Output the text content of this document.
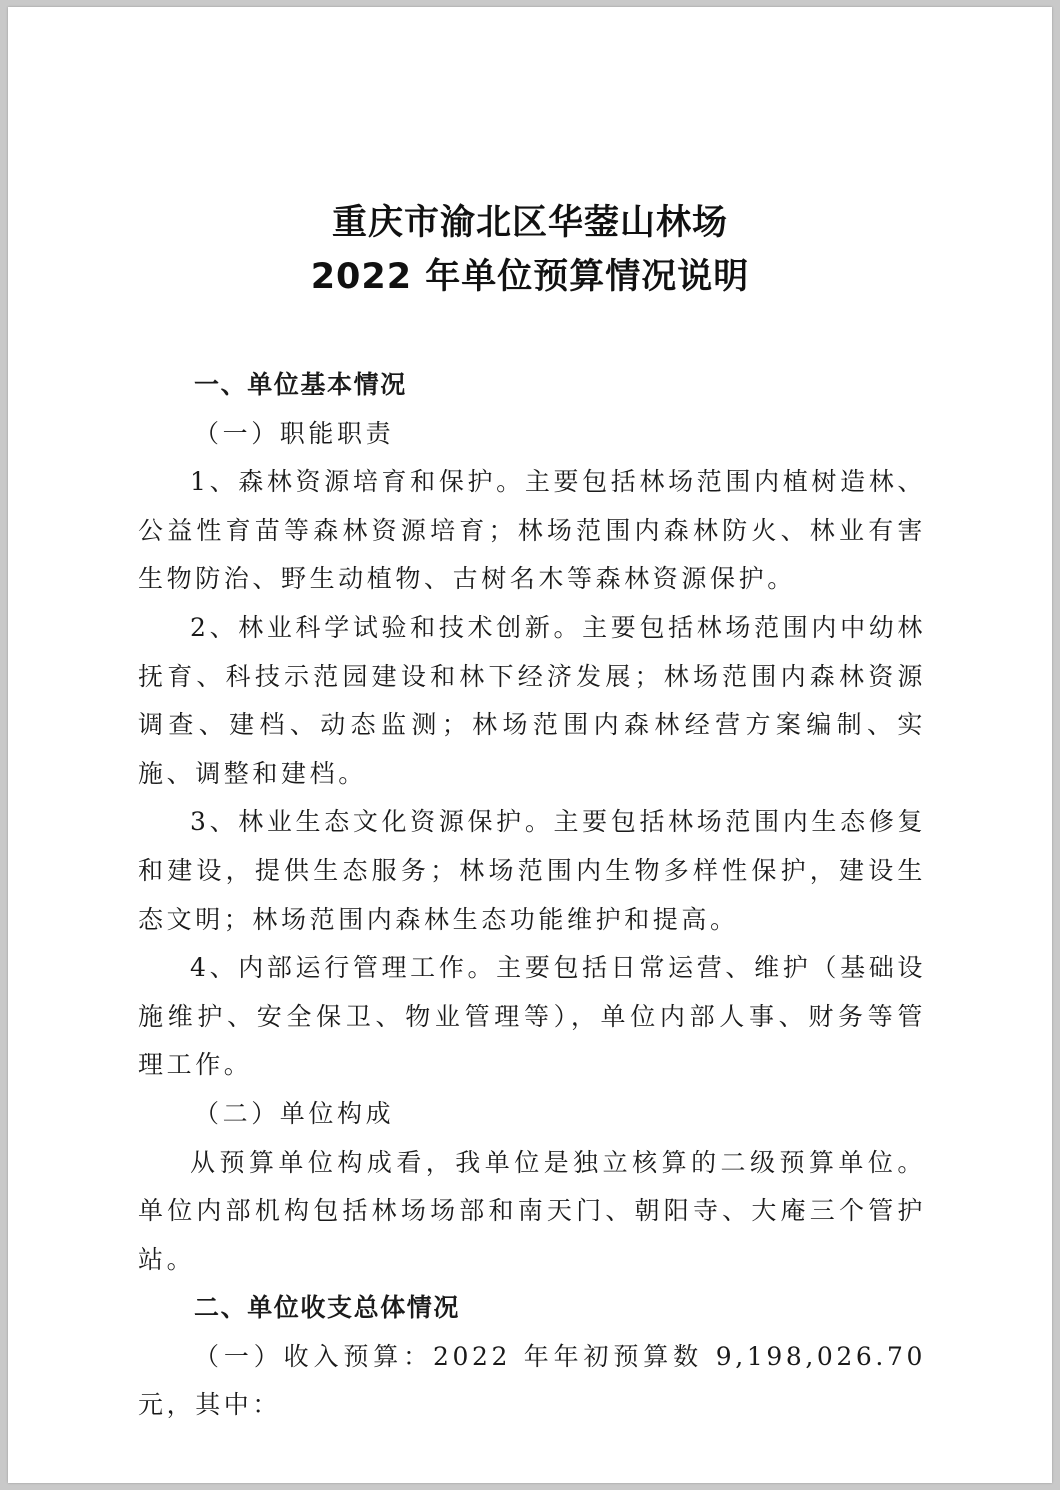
重庆市渝北区华蓥山林场
2022 年单位预算情况说明

一、单位基本情况

（一）职能职责

1、森林资源培育和保护。主要包括林场范围内植树造林、公益性育苗等森林资源培育；林场范围内森林防火、林业有害生物防治、野生动植物、古树名木等森林资源保护。

2、林业科学试验和技术创新。主要包括林场范围内中幼林抚育、科技示范园建设和林下经济发展；林场范围内森林资源调查、建档、动态监测；林场范围内森林经营方案编制、实施、调整和建档。

3、林业生态文化资源保护。主要包括林场范围内生态修复和建设，提供生态服务；林场范围内生物多样性保护，建设生态文明；林场范围内森林生态功能维护和提高。

4、内部运行管理工作。主要包括日常运营、维护（基础设施维护、安全保卫、物业管理等），单位内部人事、财务等管理工作。

（二）单位构成

从预算单位构成看，我单位是独立核算的二级预算单位。单位内部机构包括林场场部和南天门、朝阳寺、大庵三个管护站。

二、单位收支总体情况

（一）收入预算：2022 年年初预算数 9,198,026.70 元，其中：
